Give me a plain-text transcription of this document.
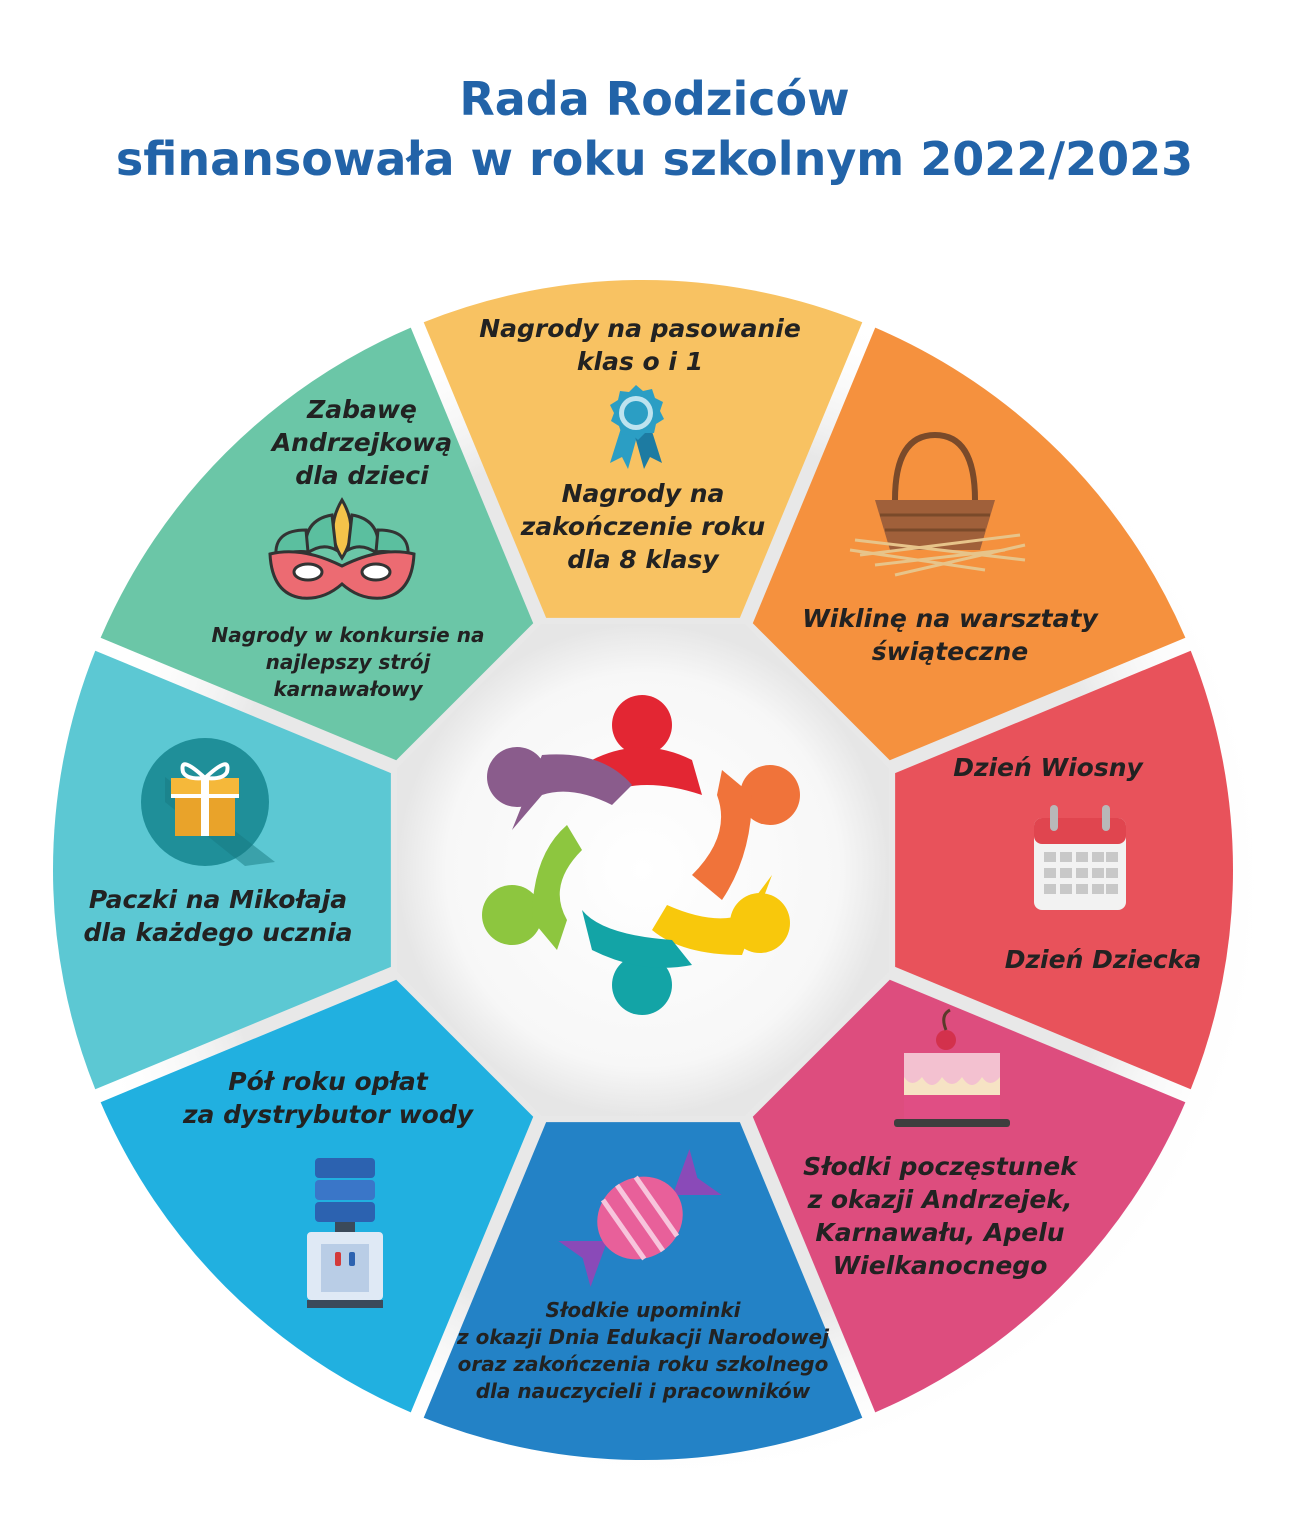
Rada Rodziców
sfinansowała w roku szkolnym 2022/2023
Nagrody na pasowanie
klas o i 1
Nagrody na
zakończenie roku
dla 8 klasy
Wiklinę na warsztaty
świąteczne
Dzień Wiosny
Dzień Dziecka
Słodki poczęstunek
z okazji Andrzejek,
Karnawału, Apelu
Wielkanocnego
Słodkie upominki
z okazji Dnia Edukacji Narodowej
oraz zakończenia roku szkolnego
dla nauczycieli i pracowników
Pół roku opłat
za dystrybutor wody
Paczki na Mikołaja
dla każdego ucznia
Zabawę
Andrzejkową
dla dzieci
Nagrody w konkursie na
najlepszy strój
karnawałowy
